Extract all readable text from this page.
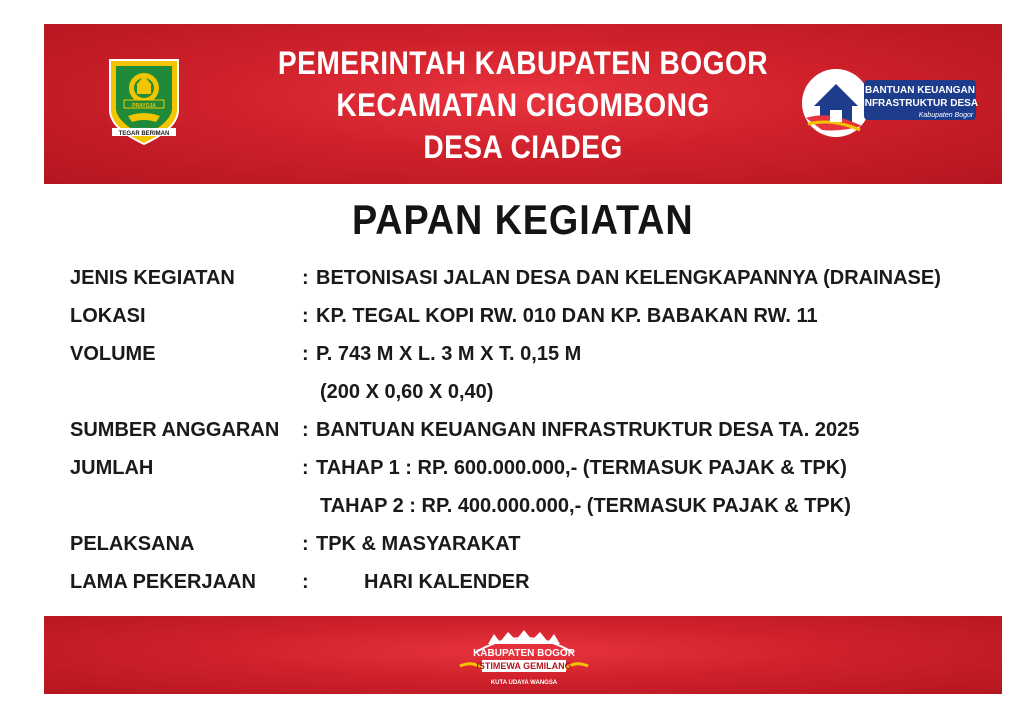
TEGAR BERIMAN
PRAYOJA
PEMERINTAH KABUPATEN BOGOR
KECAMATAN CIGOMBONG
DESA CIADEG
BANTUAN KEUANGAN
INFRASTRUKTUR DESA
Kabupaten Bogor
PAPAN KEGIATAN
JENIS KEGIATAN	: BETONISASI JALAN DESA DAN KELENGKAPANNYA (DRAINASE)
LOKASI	: KP. TEGAL KOPI RW. 010 DAN KP. BABAKAN RW. 11
VOLUME	: P. 743 M X L. 3 M X T. 0,15 M
(200 X 0,60 X 0,40)
SUMBER ANGGARAN : BANTUAN KEUANGAN INFRASTRUKTUR DESA TA. 2025
JUMLAH	: TAHAP 1 : RP. 600.000.000,- (TERMASUK PAJAK & TPK)
TAHAP 2 : RP. 400.000.000,- (TERMASUK PAJAK & TPK)
PELAKSANA	: TPK & MASYARAKAT
LAMA PEKERJAAN :	HARI KALENDER
KABUPATEN BOGOR
ISTIMEWA GEMILANG
KUTA UDAYA WANGSA
